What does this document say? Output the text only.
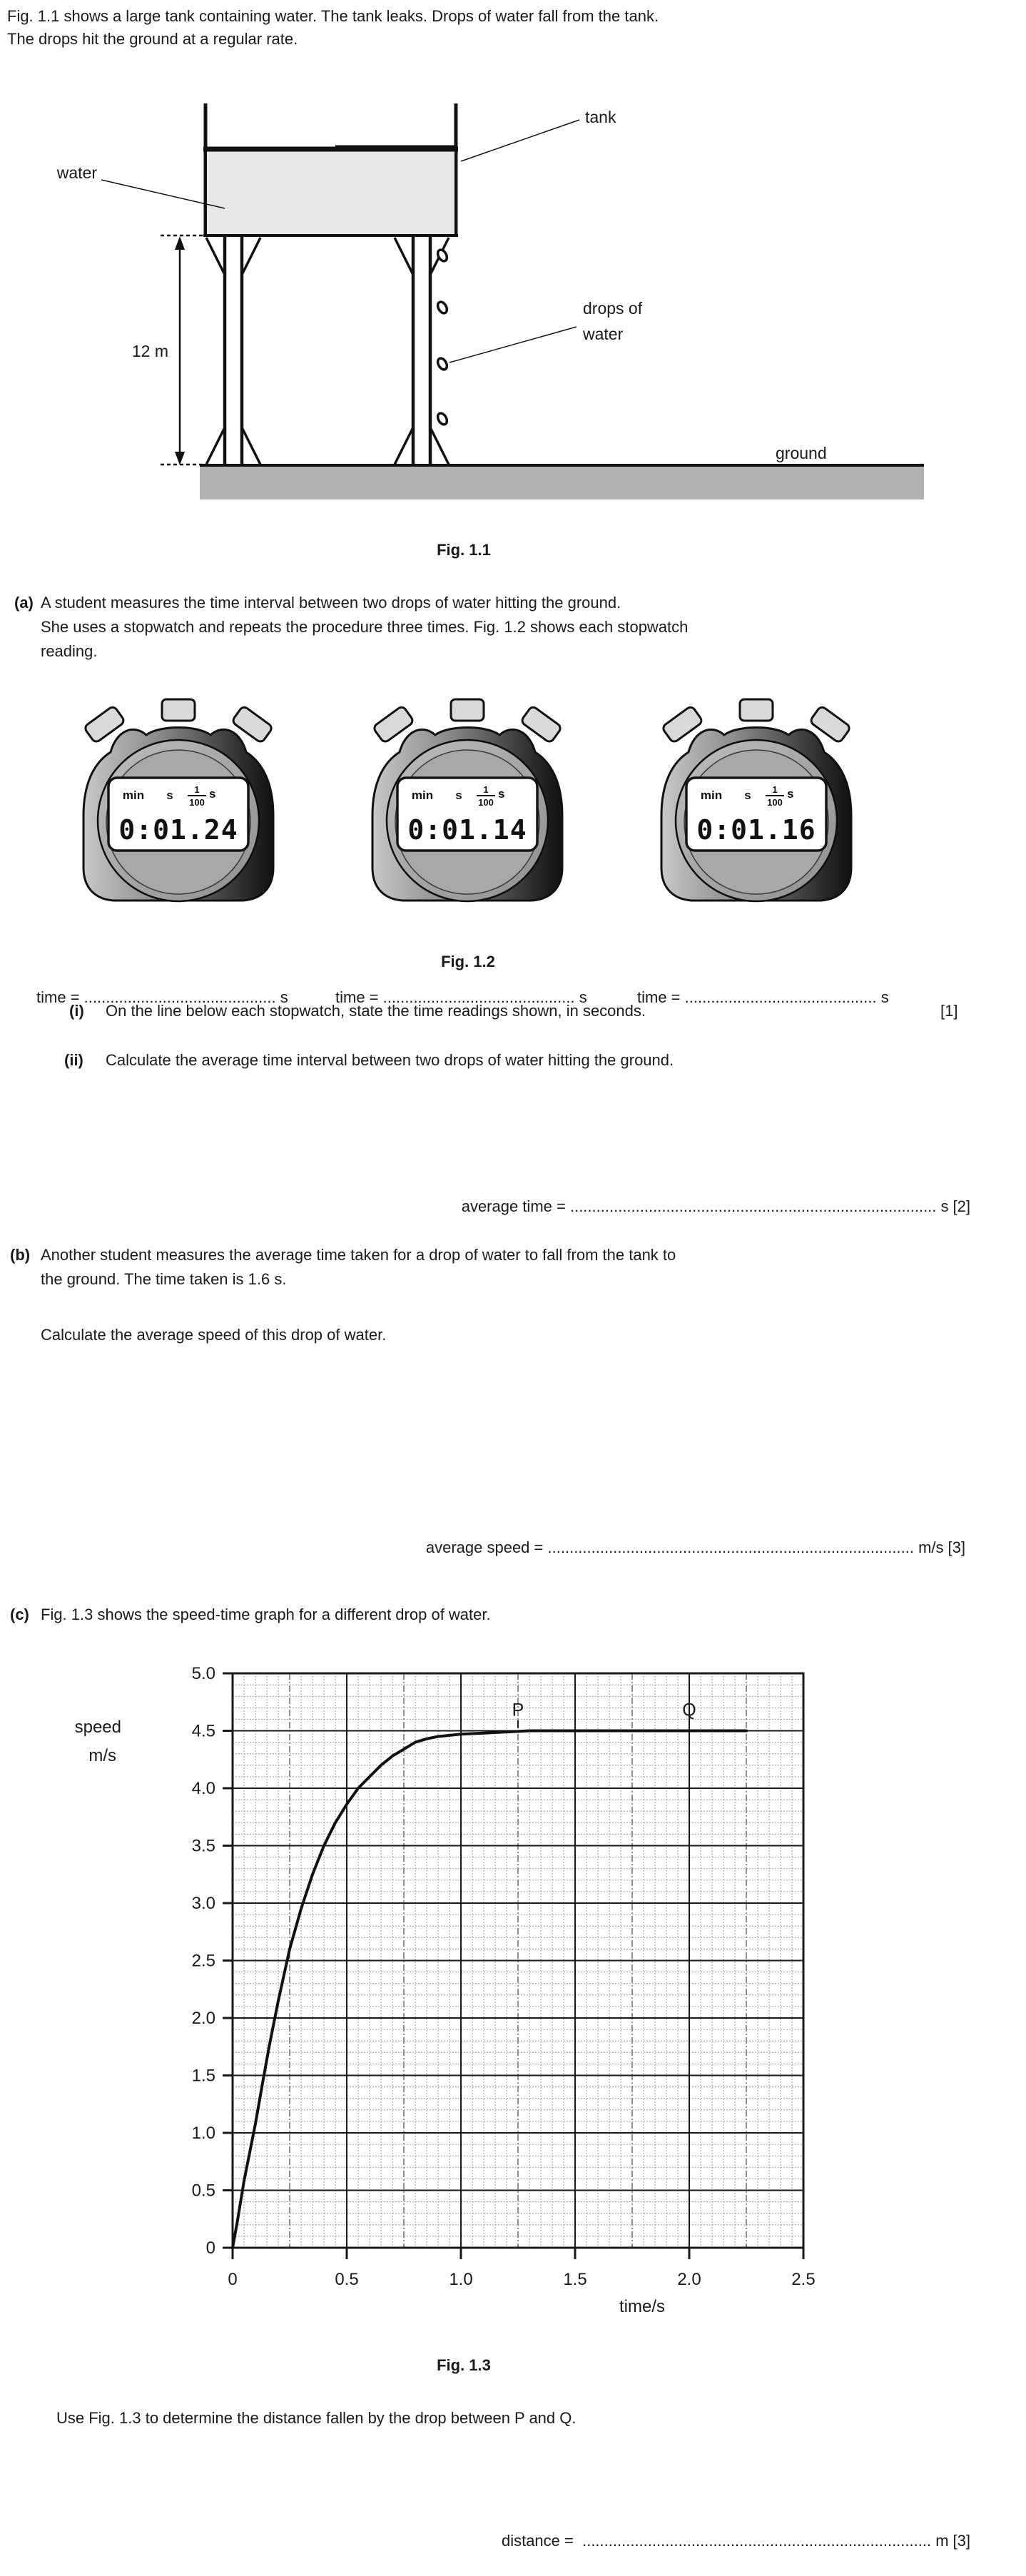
Fig. 1.1 shows a large tank containing water. The tank leaks. Drops of water fall from the tank.
The drops hit the ground at a regular rate.
12 m
tank
water
drops of
water
ground
Fig. 1.1
(a) A student measures the time interval between two drops of water hitting the ground.
She uses a stopwatch and repeats the procedure three times. Fig. 1.2 shows each stopwatch
reading.
min s 1
100
s
0:01.24
min s 1
100
s
0:01.14
min s 1
100
s
0:01.16
time = ............................................ s	time = ............................................ s	time = ............................................ s
Fig. 1.2
(i) On the line below each stopwatch, state the time readings shown, in seconds.	[1]
(ii) Calculate the average time interval between two drops of water hitting the ground.
average time = .................................................................................... s [2]
(b) Another student measures the average time taken for a drop of water to fall from the tank to
the ground. The time taken is 1.6 s.
Calculate the average speed of this drop of water.
average speed = .................................................................................... m/s [3]
(c) Fig. 1.3 shows the speed-time graph for a different drop of water.
5.0
4.5
4.0
3.5
3.0
2.5
2.0
1.5
1.0
0.5
0
0	0.5	1.0	1.5	2.0	2.5
speed
m/s
time/s
P	Q
Fig. 1.3
Use Fig. 1.3 to determine the distance fallen by the drop between P and Q.
distance = ................................................................................ m [3]
